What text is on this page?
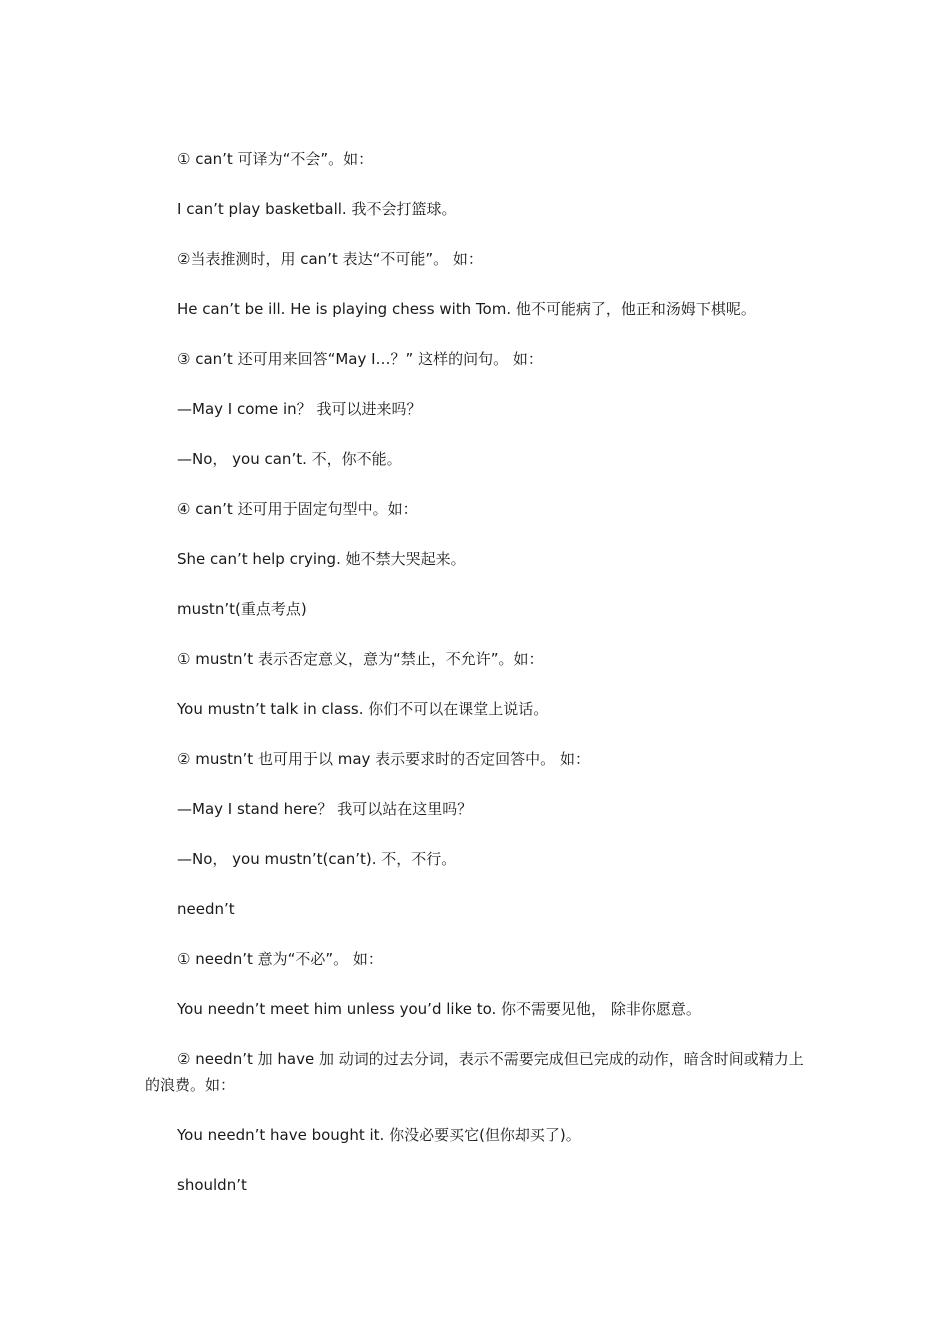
① can’t 可译为“不会”。如：

I can’t play basketball. 我不会打篮球。

②当表推测时，用 can’t 表达“不可能”。 如：

He can’t be ill. He is playing chess with Tom. 他不可能病了，他正和汤姆下棋呢。

③ can’t 还可用来回答“May I…？” 这样的问句。 如：

—May I come in？ 我可以进来吗？

—No， you can’t. 不，你不能。

④ can’t 还可用于固定句型中。如：

She can’t help crying. 她不禁大哭起来。

mustn’t(重点考点)

① mustn’t 表示否定意义，意为“禁止，不允许”。如：

You mustn’t talk in class. 你们不可以在课堂上说话。

② mustn’t 也可用于以 may 表示要求时的否定回答中。 如：

—May I stand here？ 我可以站在这里吗？

—No， you mustn’t(can’t). 不，不行。

needn’t

① needn’t 意为“不必”。 如：

You needn’t meet him unless you’d like to. 你不需要见他， 除非你愿意。

② needn’t 加 have 加 动词的过去分词，表示不需要完成但已完成的动作，暗含时间或精力上的浪费。如：

You needn’t have bought it. 你没必要买它(但你却买了)。

shouldn’t
